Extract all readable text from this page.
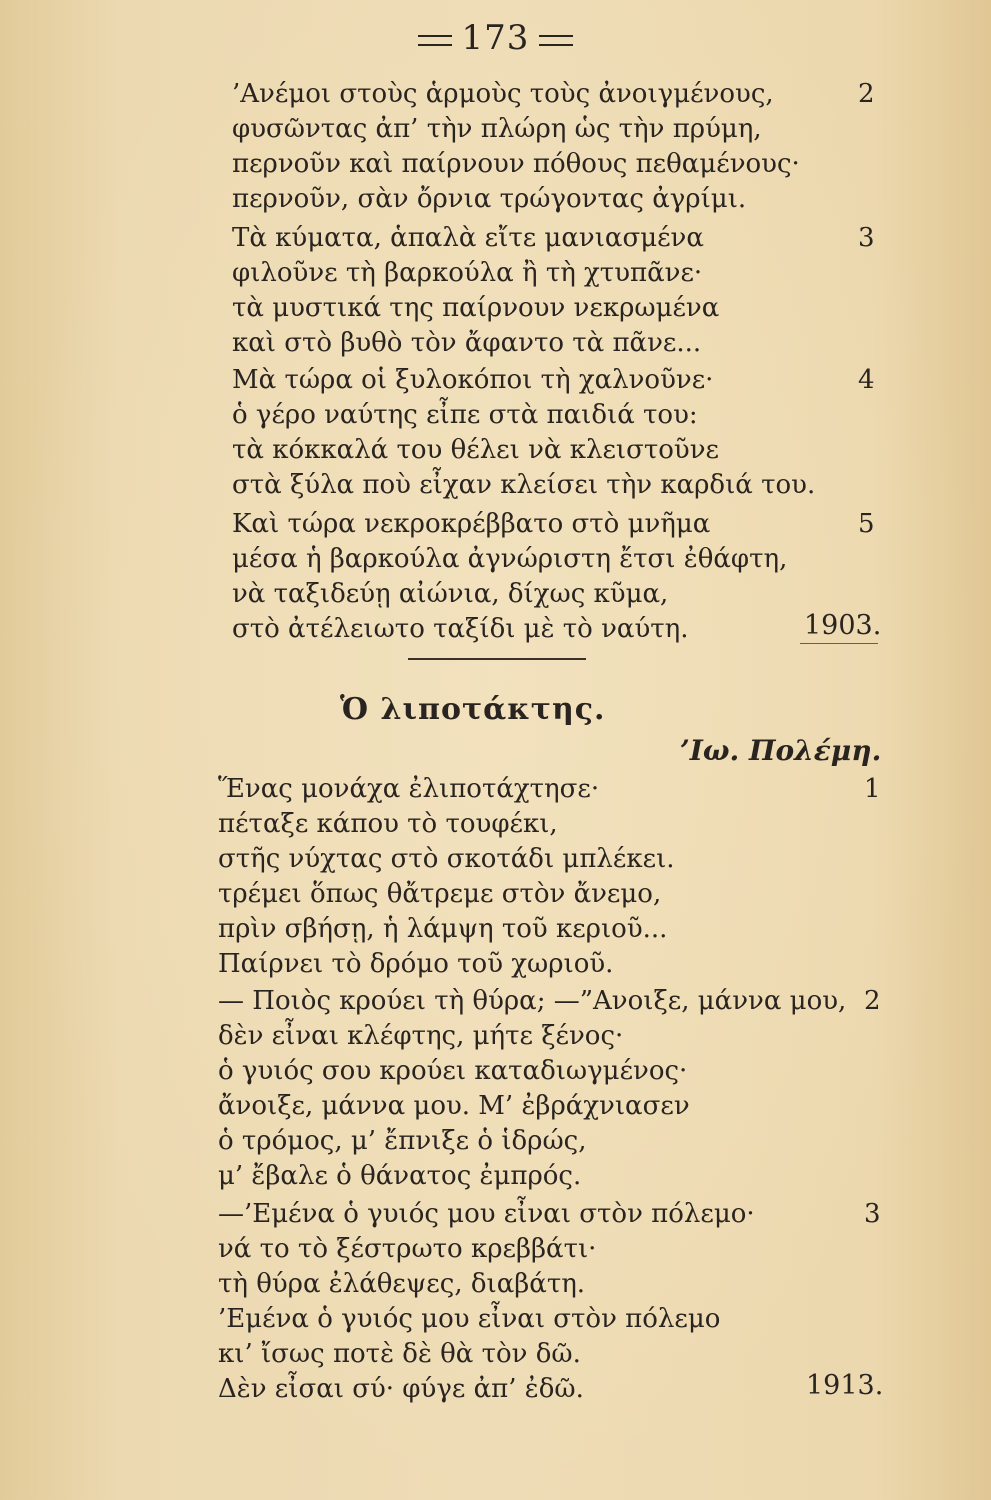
173
’Ανέμοι στοὺς ἁρμοὺς τοὺς ἀνοιγμένους,
φυσῶντας ἀπ’ τὴν πλώρη ὡς τὴν πρύμη,
περνοῦν καὶ παίρνουν πόθους πεθαμένους·
περνοῦν, σὰν ὄρνια τρώγοντας ἀγρίμι.
2
Τὰ κύματα, ἁπαλὰ εἴτε μανιασμένα
φιλοῦνε τὴ βαρκούλα ἢ τὴ χτυπᾶνε·
τὰ μυστικά της παίρνουν νεκρωμένα
καὶ στὸ βυθὸ τὸν ἄφαντο τὰ πᾶνε...
3
Μὰ τώρα οἱ ξυλοκόποι τὴ χαλνοῦνε·
ὁ γέρο ναύτης εἶπε στὰ παιδιά του:
τὰ κόκκαλά του θέλει νὰ κλειστοῦνε
στὰ ξύλα ποὺ εἶχαν κλείσει τὴν καρδιά του.
4
Καὶ τώρα νεκροκρέββατο στὸ μνῆμα
μέσα ἡ βαρκούλα ἀγνώριστη ἔτσι ἐθάφτη,
νὰ ταξιδεύῃ αἰώνια, δίχως κῦμα,
στὸ ἀτέλειωτο ταξίδι μὲ τὸ ναύτη.
5
1903.
Ὁ λιποτάκτης.
’Ιω. Πολέμη.
Ἕνας μονάχα ἐλιποτάχτησε·
πέταξε κάπου τὸ τουφέκι,
στῆς νύχτας στὸ σκοτάδι μπλέκει.
τρέμει ὅπως θἄτρεμε στὸν ἄνεμο,
πρὶν σβήσῃ, ἡ λάμψη τοῦ κεριοῦ...
Παίρνει τὸ δρόμο τοῦ χωριοῦ.
1
— Ποιὸς κρούει τὴ θύρα; —”Ανοιξε, μάννα μου,
δὲν εἶναι κλέφτης, μήτε ξένος·
ὁ γυιός σου κρούει καταδιωγμένος·
ἄνοιξε, μάννα μου. Μ’ ἐβράχνιασεν
ὁ τρόμος, μ’ ἔπνιξε ὁ ἱδρώς,
μ’ ἔβαλε ὁ θάνατος ἐμπρός.
2
—’Εμένα ὁ γυιός μου εἶναι στὸν πόλεμο·
νά το τὸ ξέστρωτο κρεββάτι·
τὴ θύρα ἐλάθεψες, διαβάτη.
’Εμένα ὁ γυιός μου εἶναι στὸν πόλεμο
κι’ ἴσως ποτὲ δὲ θὰ τὸν δῶ.
Δὲν εἶσαι σύ· φύγε ἀπ’ ἐδῶ.
3
1913.
